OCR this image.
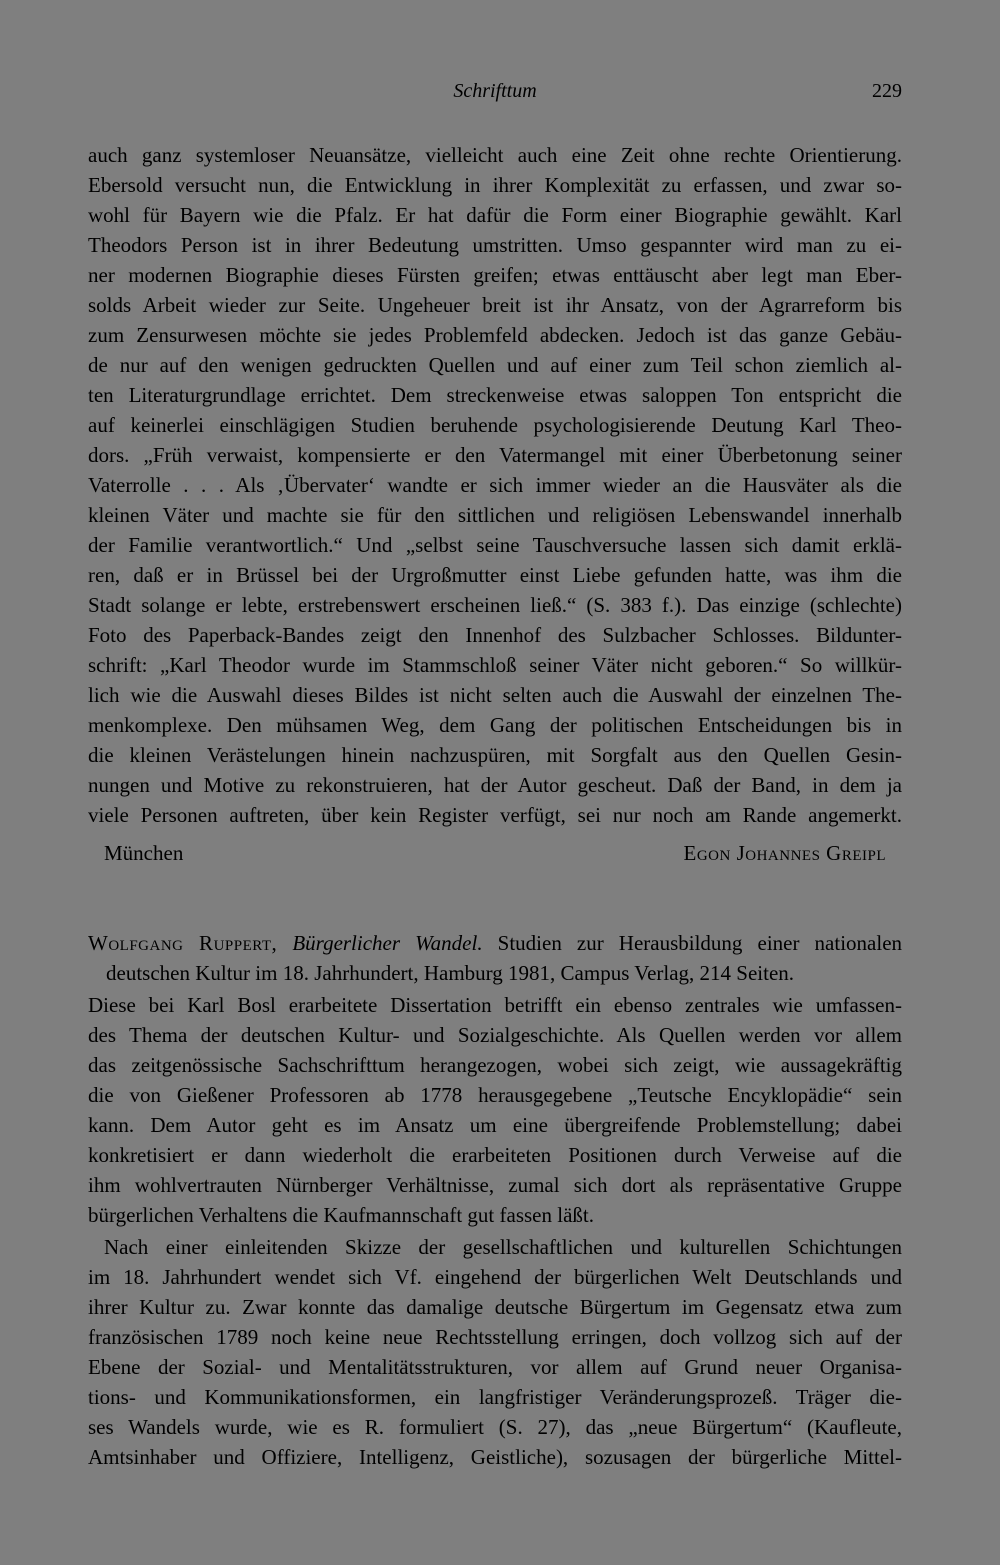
Schrifttum	229
auch ganz systemloser Neuansätze, vielleicht auch eine Zeit ohne rechte Orientierung.
Ebersold versucht nun, die Entwicklung in ihrer Komplexität zu erfassen, und zwar so-
wohl für Bayern wie die Pfalz. Er hat dafür die Form einer Biographie gewählt. Karl
Theodors Person ist in ihrer Bedeutung umstritten. Umso gespannter wird man zu ei-
ner modernen Biographie dieses Fürsten greifen; etwas enttäuscht aber legt man Eber-
solds Arbeit wieder zur Seite. Ungeheuer breit ist ihr Ansatz, von der Agrarreform bis
zum Zensurwesen möchte sie jedes Problemfeld abdecken. Jedoch ist das ganze Gebäu-
de nur auf den wenigen gedruckten Quellen und auf einer zum Teil schon ziemlich al-
ten Literaturgrundlage errichtet. Dem streckenweise etwas saloppen Ton entspricht die
auf keinerlei einschlägigen Studien beruhende psychologisierende Deutung Karl Theo-
dors. „Früh verwaist, kompensierte er den Vatermangel mit einer Überbetonung seiner
Vaterrolle . . . Als ‚Übervater‘ wandte er sich immer wieder an die Hausväter als die
kleinen Väter und machte sie für den sittlichen und religiösen Lebenswandel innerhalb
der Familie verantwortlich.“ Und „selbst seine Tauschversuche lassen sich damit erklä-
ren, daß er in Brüssel bei der Urgroßmutter einst Liebe gefunden hatte, was ihm die
Stadt solange er lebte, erstrebenswert erscheinen ließ.“ (S. 383 f.). Das einzige (schlechte)
Foto des Paperback-Bandes zeigt den Innenhof des Sulzbacher Schlosses. Bildunter-
schrift: „Karl Theodor wurde im Stammschloß seiner Väter nicht geboren.“ So willkür-
lich wie die Auswahl dieses Bildes ist nicht selten auch die Auswahl der einzelnen The-
menkomplexe. Den mühsamen Weg, dem Gang der politischen Entscheidungen bis in
die kleinen Verästelungen hinein nachzuspüren, mit Sorgfalt aus den Quellen Gesin-
nungen und Motive zu rekonstruieren, hat der Autor gescheut. Daß der Band, in dem ja
viele Personen auftreten, über kein Register verfügt, sei nur noch am Rande angemerkt.
München	Egon Johannes Greipl
Wolfgang Ruppert, Bürgerlicher Wandel. Studien zur Herausbildung einer nationalen
deutschen Kultur im 18. Jahrhundert, Hamburg 1981, Campus Verlag, 214 Seiten.
Diese bei Karl Bosl erarbeitete Dissertation betrifft ein ebenso zentrales wie umfassen-
des Thema der deutschen Kultur- und Sozialgeschichte. Als Quellen werden vor allem
das zeitgenössische Sachschrifttum herangezogen, wobei sich zeigt, wie aussagekräftig
die von Gießener Professoren ab 1778 herausgegebene „Teutsche Encyklopädie“ sein
kann. Dem Autor geht es im Ansatz um eine übergreifende Problemstellung; dabei
konkretisiert er dann wiederholt die erarbeiteten Positionen durch Verweise auf die
ihm wohlvertrauten Nürnberger Verhältnisse, zumal sich dort als repräsentative Gruppe
bürgerlichen Verhaltens die Kaufmannschaft gut fassen läßt.
Nach einer einleitenden Skizze der gesellschaftlichen und kulturellen Schichtungen
im 18. Jahrhundert wendet sich Vf. eingehend der bürgerlichen Welt Deutschlands und
ihrer Kultur zu. Zwar konnte das damalige deutsche Bürgertum im Gegensatz etwa zum
französischen 1789 noch keine neue Rechtsstellung erringen, doch vollzog sich auf der
Ebene der Sozial- und Mentalitätsstrukturen, vor allem auf Grund neuer Organisa-
tions- und Kommunikationsformen, ein langfristiger Veränderungsprozeß. Träger die-
ses Wandels wurde, wie es R. formuliert (S. 27), das „neue Bürgertum“ (Kaufleute,
Amtsinhaber und Offiziere, Intelligenz, Geistliche), sozusagen der bürgerliche Mittel-
